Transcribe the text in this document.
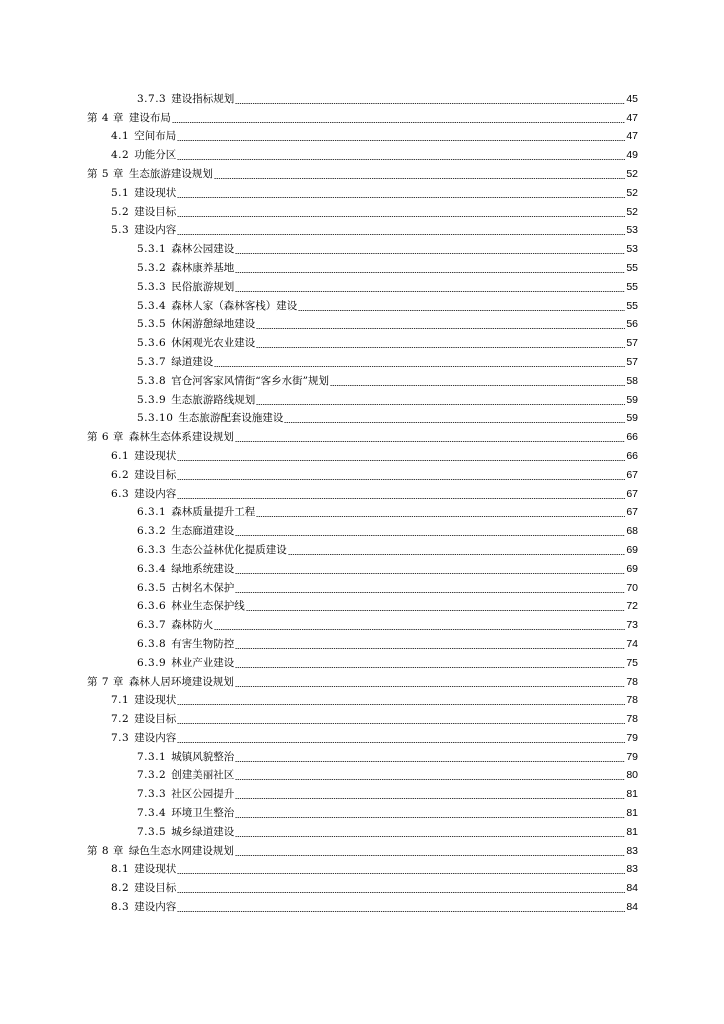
3.7.3 建设指标规划	45
第 4 章 建设布局	47
4.1 空间布局	47
4.2 功能分区	49
第 5 章 生态旅游建设规划	52
5.1 建设现状	52
5.2 建设目标	52
5.3 建设内容	53
5.3.1 森林公园建设	53
5.3.2 森林康养基地	55
5.3.3 民俗旅游规划	55
5.3.4 森林人家（森林客栈）建设	55
5.3.5 休闲游憩绿地建设	56
5.3.6 休闲观光农业建设	57
5.3.7 绿道建设	57
5.3.8 官仓河客家风情街“客乡水街”规划	58
5.3.9 生态旅游路线规划	59
5.3.10 生态旅游配套设施建设	59
第 6 章 森林生态体系建设规划	66
6.1 建设现状	66
6.2 建设目标	67
6.3 建设内容	67
6.3.1 森林质量提升工程	67
6.3.2 生态廊道建设	68
6.3.3 生态公益林优化提质建设	69
6.3.4 绿地系统建设	69
6.3.5 古树名木保护	70
6.3.6 林业生态保护线	72
6.3.7 森林防火	73
6.3.8 有害生物防控	74
6.3.9 林业产业建设	75
第 7 章 森林人居环境建设规划	78
7.1 建设现状	78
7.2 建设目标	78
7.3 建设内容	79
7.3.1 城镇风貌整治	79
7.3.2 创建美丽社区	80
7.3.3 社区公园提升	81
7.3.4 环境卫生整治	81
7.3.5 城乡绿道建设	81
第 8 章 绿色生态水网建设规划	83
8.1 建设现状	83
8.2 建设目标	84
8.3 建设内容	84
